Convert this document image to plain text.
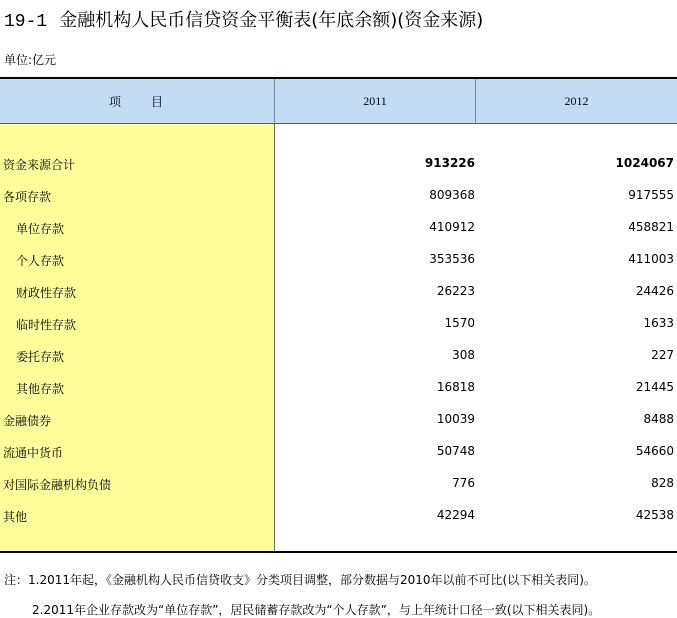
19-1 金融机构人民币信贷资金平衡表(年底余额)(资金来源)
单位:亿元
项　　目	2011	2012
资金来源合计	913226	1024067
各项存款	809368	917555
单位存款	410912	458821
个人存款	353536	411003
财政性存款	26223	24426
临时性存款	1570	1633
委托存款	308	227
其他存款	16818	21445
金融债券	10039	8488
流通中货币	50748	54660
对国际金融机构负债	776	828
其他	42294	42538
注：1.2011年起，《金融机构人民币信贷收支》分类项目调整，部分数据与2010年以前不可比(以下相关表同)。
2.2011年企业存款改为“单位存款”，居民储蓄存款改为“个人存款”，与上年统计口径一致(以下相关表同)。
